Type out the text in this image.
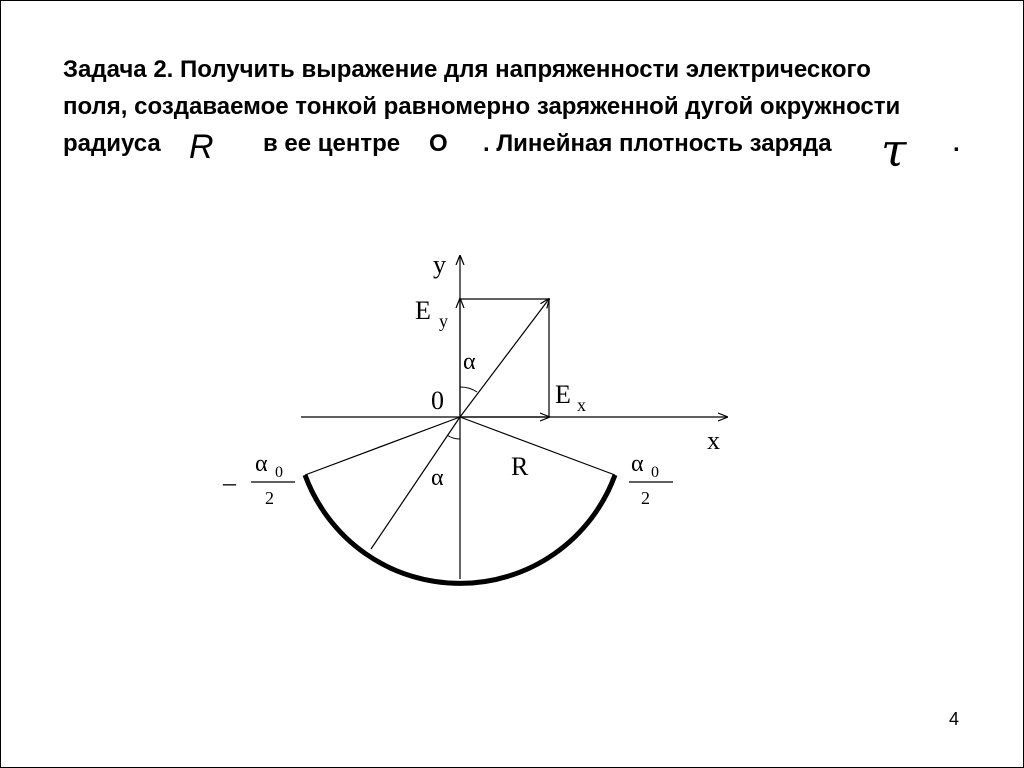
Задача 2. Получить выражение для напряженности электрического
поля, создаваемое тонкой равномерно заряженной дугой окружности
радиуса R в ее центре O . Линейная плотность заряда τ .
y
x
E y
E x
α
0
α	R
–
α 0
2
α 0
2
4
